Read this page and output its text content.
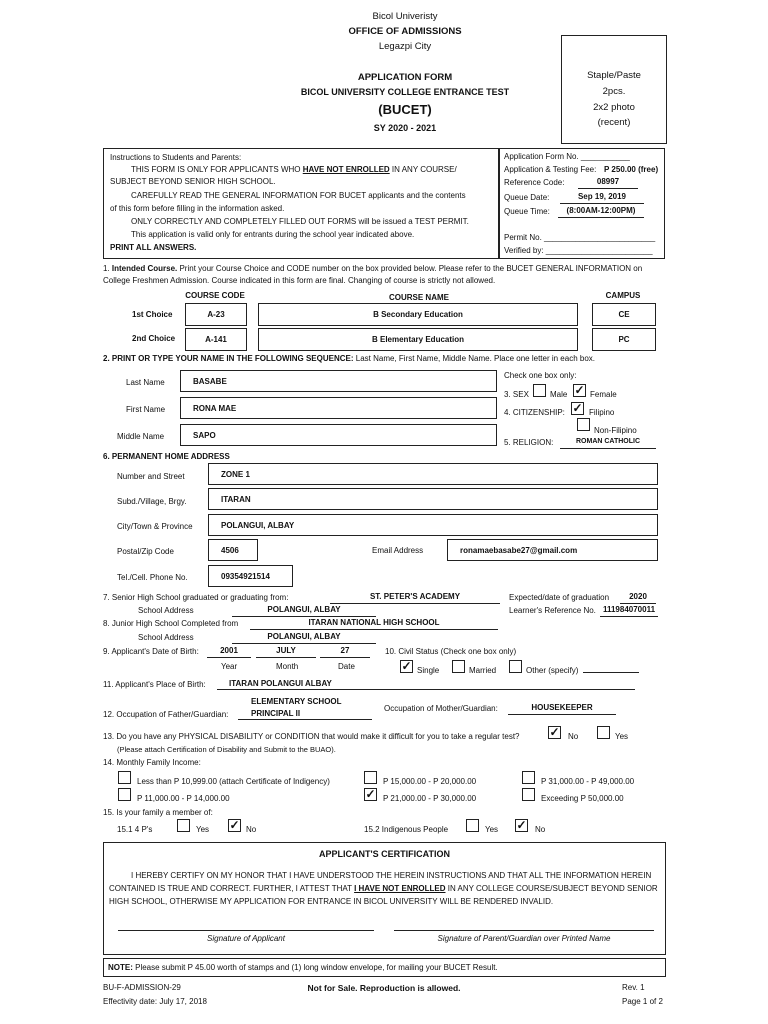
Bicol Univeristy
OFFICE OF ADMISSIONS
Legazpi City
APPLICATION FORM
BICOL UNIVERSITY COLLEGE ENTRANCE TEST
(BUCET)
SY 2020 - 2021
Staple/Paste
2pcs.
2x2 photo
(recent)
Instructions to Students and Parents:
THIS FORM IS ONLY FOR APPLICANTS WHO HAVE NOT ENROLLED IN ANY COURSE/
SUBJECT BEYOND SENIOR HIGH SCHOOL.
CAREFULLY READ THE GENERAL INFORMATION FOR BUCET applicants and the contents
of this form before filling in the information asked.
ONLY CORRECTLY AND COMPLETELY FILLED OUT FORMS will be issued a TEST PERMIT.
This application is valid only for entrants during the school year indicated above.
PRINT ALL ANSWERS.
Application Form No. ___________
Application & Testing Fee: P 250.00 (free)
Reference Code:	08997
Queue Date:	Sep 19, 2019
Queue Time:	(8:00AM-12:00PM)
Permit No. _________________________
Verified by: ________________________
1. Intended Course. Print your Course Choice and CODE number on the box provided below. Please refer to the BUCET GENERAL INFORMATION on
College Freshmen Admission. Course indicated in this form are final. Changing of course is strictly not allowed.
COURSE CODE	COURSE NAME	CAMPUS
1st Choice	A-23	B Secondary Education	CE
2nd Choice	A-141	B Elementary Education	PC
2. PRINT OR TYPE YOUR NAME IN THE FOLLOWING SEQUENCE: Last Name, First Name, Middle Name. Place one letter in each box.
Last Name	BASABE
First Name	RONA MAE
Middle Name	SAPO
Check one box only:
3. SEX	Male ✓ Female
4. CITIZENSHIP: ✓ Filipino
Non-Filipino
5. RELIGION:	ROMAN CATHOLIC
6. PERMANENT HOME ADDRESS
Number and Street	ZONE 1
Subd./Village, Brgy.	ITARAN
City/Town & Province	POLANGUI, ALBAY
Postal/Zip Code	4506	Email Address	ronamaebasabe27@gmail.com
Tel./Cell. Phone No.	09354921514
7. Senior High School graduated or graduating from:	ST. PETER'S ACADEMY
School Address	POLANGUI, ALBAY
Expected/date of graduation	2020
Learner's Reference No. 111984070011
8. Junior High School Completed from	ITARAN NATIONAL HIGH SCHOOL
School Address	POLANGUI, ALBAY
9. Applicant's Date of Birth:	2001	JULY	27
Year	Month	Date
10. Civil Status (Check one box only)
✓ Single	Married	Other (specify)
11. Applicant's Place of Birth:	ITARAN POLANGUI ALBAY
ELEMENTARY SCHOOL
12. Occupation of Father/Guardian:	PRINCIPAL II
Occupation of Mother/Guardian:	HOUSEKEEPER
13. Do you have any PHYSICAL DISABILITY or CONDITION that would make it difficult for you to take a regular test?
(Please attach Certification of Disability and Submit to the BUAO).
✓ No	Yes
14. Monthly Family Income:
Less than P 10,999.00 (attach Certificate of Indigency)
P 11,000.00 - P 14,000.00
P 15,000.00 - P 20,000.00
✓ P 21,000.00 - P 30,000.00
P 31,000.00 - P 49,000.00
Exceeding P 50,000.00
15. Is your family a member of:
15.1 4 P's	Yes ✓ No	15.2 Indigenous People	Yes ✓ No
APPLICANT'S CERTIFICATION
I HEREBY CERTIFY ON MY HONOR THAT I HAVE UNDERSTOOD THE HEREIN INSTRUCTIONS AND THAT ALL THE INFORMATION HEREIN
CONTAINED IS TRUE AND CORRECT. FURTHER, I ATTEST THAT I HAVE NOT ENROLLED IN ANY COLLEGE COURSE/SUBJECT BEYOND SENIOR
HIGH SCHOOL, OTHERWISE MY APPLICATION FOR ENTRANCE IN BICOL UNIVERSITY WILL BE RENDERED INVALID.
Signature of Applicant	Signature of Parent/Guardian over Printed Name
NOTE: Please submit P 45.00 worth of stamps and (1) long window envelope, for mailing your BUCET Result.
BU-F-ADMISSION-29
Effectivity date: July 17, 2018
Not for Sale. Reproduction is allowed.	Rev. 1
Page 1 of 2
